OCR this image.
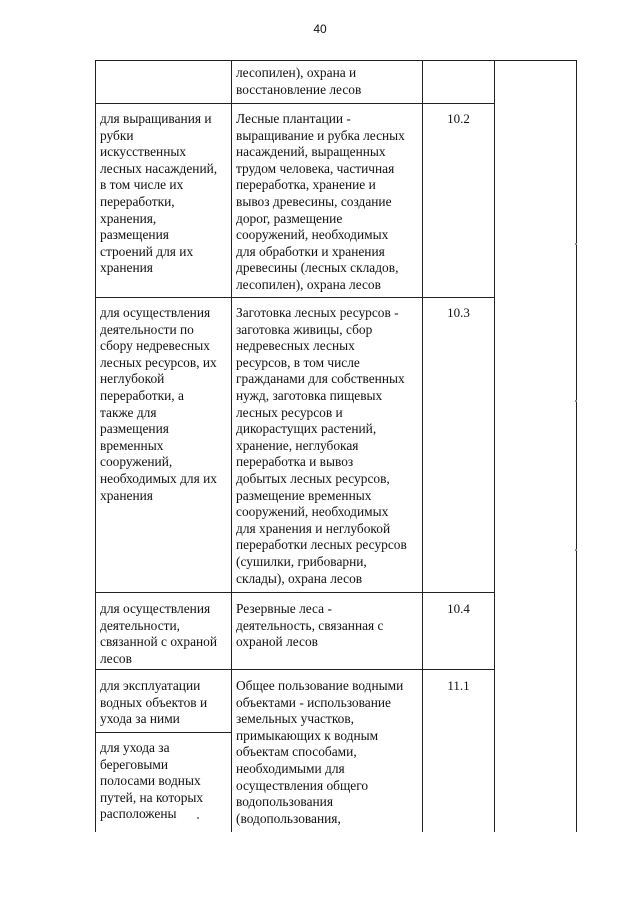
40
лесопилен), охрана и
восстановление лесов
для выращивания и
рубки
искусственных
лесных насаждений,
в том числе их
переработки,
хранения,
размещения
строений для их
хранения
Лесные плантации -
выращивание и рубка лесных
насаждений, выращенных
трудом человека, частичная
переработка, хранение и
вывоз древесины, создание
дорог, размещение
сооружений, необходимых
для обработки и хранения
древесины (лесных складов,
лесопилен), охрана лесов
10.2
для осуществления
деятельности по
сбору недревесных
лесных ресурсов, их
неглубокой
переработки, а
также для
размещения
временных
сооружений,
необходимых для их
хранения
Заготовка лесных ресурсов -
заготовка живицы, сбор
недревесных лесных
ресурсов, в том числе
гражданами для собственных
нужд, заготовка пищевых
лесных ресурсов и
дикорастущих растений,
хранение, неглубокая
переработка и вывоз
добытых лесных ресурсов,
размещение временных
сооружений, необходимых
для хранения и неглубокой
переработки лесных ресурсов
(сушилки, грибоварни,
склады), охрана лесов
10.3
для осуществления
деятельности,
связанной с охраной
лесов
Резервные леса -
деятельность, связанная с
охраной лесов
10.4
для эксплуатации
водных объектов и
ухода за ними
для ухода за
береговыми
полосами водных
путей, на которых
расположены
Общее пользование водными
объектами - использование
земельных участков,
примыкающих к водным
объектам способами,
необходимыми для
осуществления общего
водопользования
(водопользования,
11.1
